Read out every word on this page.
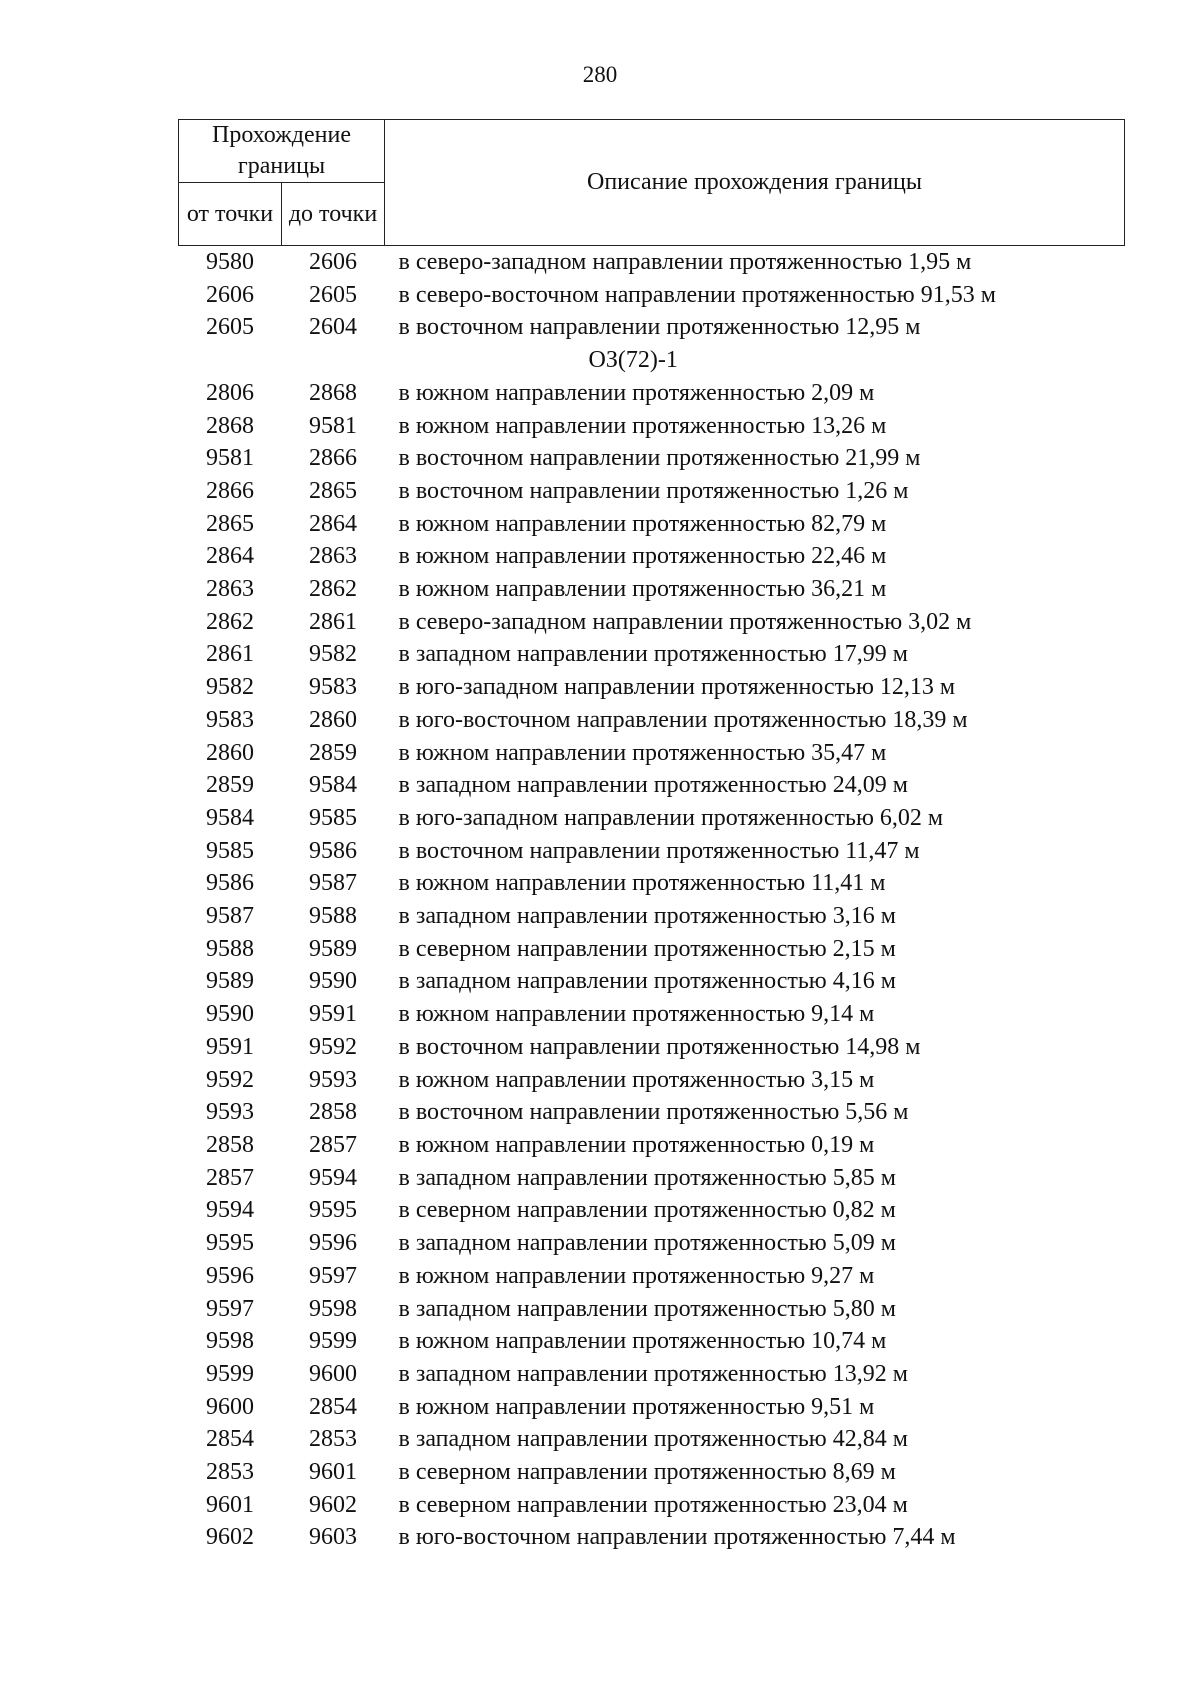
280
Прохождение границы		Описание прохождения границы
от точки	до точки	
9580	2606	в северо-западном направлении протяженностью 1,95 м
2606	2605	в северо-восточном направлении протяженностью 91,53 м
2605	2604	в восточном направлении протяженностью 12,95 м
ОЗ(72)-1		
2806	2868	в южном направлении протяженностью 2,09 м
2868	9581	в южном направлении протяженностью 13,26 м
9581	2866	в восточном направлении протяженностью 21,99 м
2866	2865	в восточном направлении протяженностью 1,26 м
2865	2864	в южном направлении протяженностью 82,79 м
2864	2863	в южном направлении протяженностью 22,46 м
2863	2862	в южном направлении протяженностью 36,21 м
2862	2861	в северо-западном направлении протяженностью 3,02 м
2861	9582	в западном направлении протяженностью 17,99 м
9582	9583	в юго-западном направлении протяженностью 12,13 м
9583	2860	в юго-восточном направлении протяженностью 18,39 м
2860	2859	в южном направлении протяженностью 35,47 м
2859	9584	в западном направлении протяженностью 24,09 м
9584	9585	в юго-западном направлении протяженностью 6,02 м
9585	9586	в восточном направлении протяженностью 11,47 м
9586	9587	в южном направлении протяженностью 11,41 м
9587	9588	в западном направлении протяженностью 3,16 м
9588	9589	в северном направлении протяженностью 2,15 м
9589	9590	в западном направлении протяженностью 4,16 м
9590	9591	в южном направлении протяженностью 9,14 м
9591	9592	в восточном направлении протяженностью 14,98 м
9592	9593	в южном направлении протяженностью 3,15 м
9593	2858	в восточном направлении протяженностью 5,56 м
2858	2857	в южном направлении протяженностью 0,19 м
2857	9594	в западном направлении протяженностью 5,85 м
9594	9595	в северном направлении протяженностью 0,82 м
9595	9596	в западном направлении протяженностью 5,09 м
9596	9597	в южном направлении протяженностью 9,27 м
9597	9598	в западном направлении протяженностью 5,80 м
9598	9599	в южном направлении протяженностью 10,74 м
9599	9600	в западном направлении протяженностью 13,92 м
9600	2854	в южном направлении протяженностью 9,51 м
2854	2853	в западном направлении протяженностью 42,84 м
2853	9601	в северном направлении протяженностью 8,69 м
9601	9602	в северном направлении протяженностью 23,04 м
9602	9603	в юго-восточном направлении протяженностью 7,44 м
